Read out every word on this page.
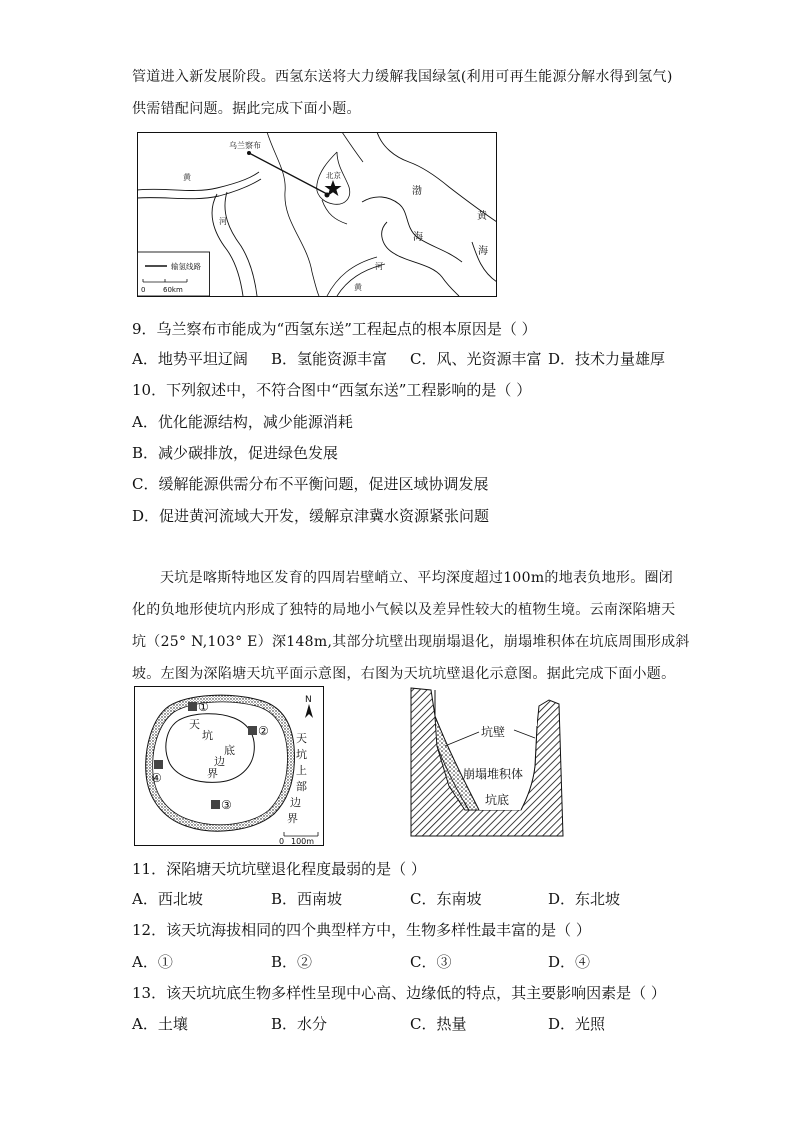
管道进入新发展阶段。西氢东送将大力缓解我国绿氢(利用可再生能源分解水得到氢气)
供需错配问题。据此完成下面小题。
乌兰察布
北京
黄
河
河
黄
渤
海
黄
海
输氢线路
0	60km
9．乌兰察布市能成为“西氢东送”工程起点的根本原因是（ ）
A．地势平坦辽阔 B．氢能资源丰富 C．风、光资源丰富 D．技术力量雄厚
10．下列叙述中，不符合图中“西氢东送”工程影响的是（ ）
A．优化能源结构，减少能源消耗
B．减少碳排放，促进绿色发展
C．缓解能源供需分布不平衡问题，促进区域协调发展
D．促进黄河流域大开发，缓解京津冀水资源紧张问题
天坑是喀斯特地区发育的四周岩壁峭立、平均深度超过100m的地表负地形。圈闭
化的负地形使坑内形成了独特的局地小气候以及差异性较大的植物生境。云南深陷塘天
坑（25° N,103° E）深148m,其部分坑壁出现崩塌退化，崩塌堆积体在坑底周围形成斜
坡。左图为深陷塘天坑平面示意图，右图为天坑坑壁退化示意图。据此完成下面小题。
①
②
③
④
天
坑
底
边
界
天
坑
上
部
边
界
N
0 100m
坑壁
崩塌堆积体
坑底
11．深陷塘天坑坑壁退化程度最弱的是（ ）
A．西北坡	B．西南坡	C．东南坡	D．东北坡
12．该天坑海拔相同的四个典型样方中，生物多样性最丰富的是（ ）
A．①	B．②	C．③	D．④
13．该天坑坑底生物多样性呈现中心高、边缘低的特点，其主要影响因素是（ ）
A．土壤	B．水分	C．热量	D．光照
